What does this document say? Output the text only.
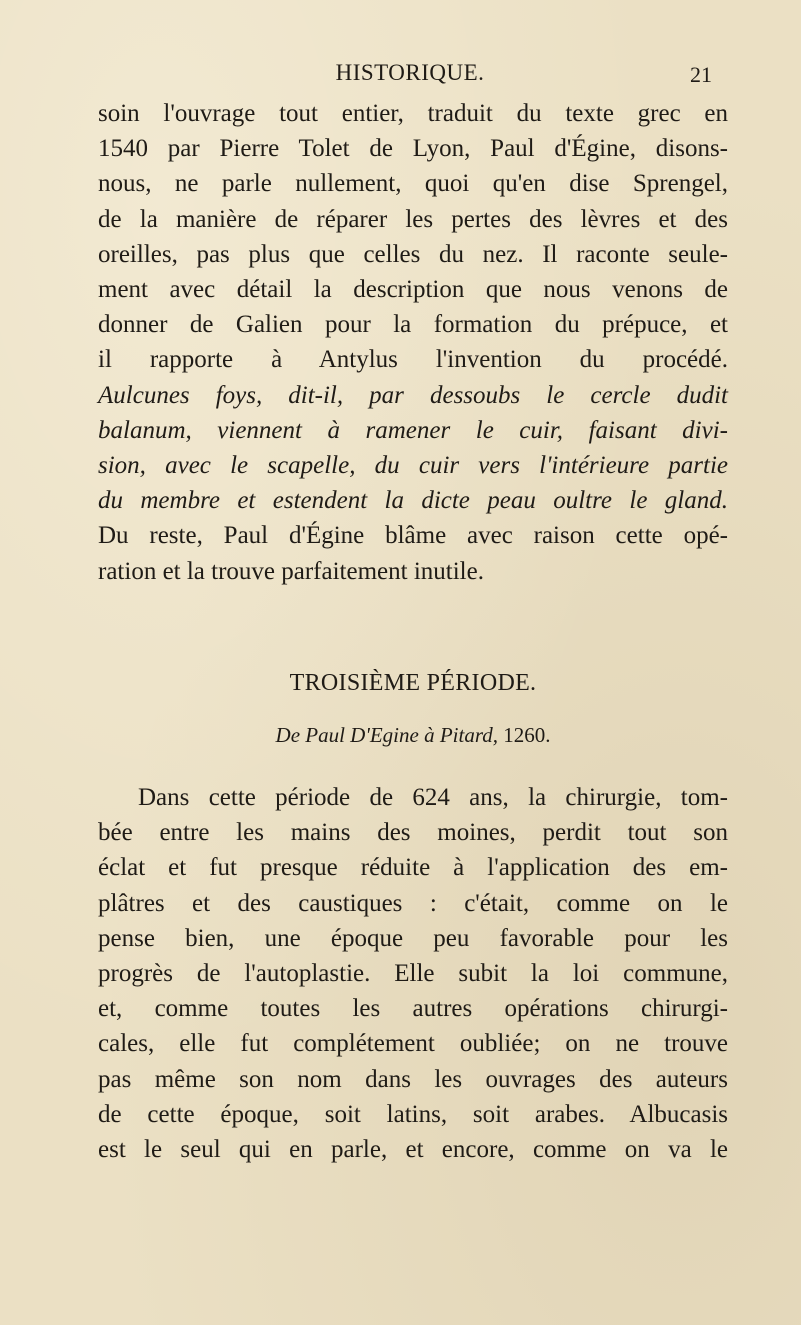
HISTORIQUE.	21
soin l'ouvrage tout entier, traduit du texte grec en
1540 par Pierre Tolet de Lyon, Paul d'Égine, disons-
nous, ne parle nullement, quoi qu'en dise Sprengel,
de la manière de réparer les pertes des lèvres et des
oreilles, pas plus que celles du nez. Il raconte seule-
ment avec détail la description que nous venons de
donner de Galien pour la formation du prépuce, et
il rapporte à Antylus l'invention du procédé.
Aulcunes foys, dit-il, par dessoubs le cercle dudit
balanum, viennent à ramener le cuir, faisant divi-
sion, avec le scapelle, du cuir vers l'intérieure partie
du membre et estendent la dicte peau oultre le gland.
Du reste, Paul d'Égine blâme avec raison cette opé-
ration et la trouve parfaitement inutile.
TROISIÈME PÉRIODE.
De Paul D'Egine à Pitard, 1260.
Dans cette période de 624 ans, la chirurgie, tom-
bée entre les mains des moines, perdit tout son
éclat et fut presque réduite à l'application des em-
plâtres et des caustiques : c'était, comme on le
pense bien, une époque peu favorable pour les
progrès de l'autoplastie. Elle subit la loi commune,
et, comme toutes les autres opérations chirurgi-
cales, elle fut complétement oubliée; on ne trouve
pas même son nom dans les ouvrages des auteurs
de cette époque, soit latins, soit arabes. Albucasis
est le seul qui en parle, et encore, comme on va le
